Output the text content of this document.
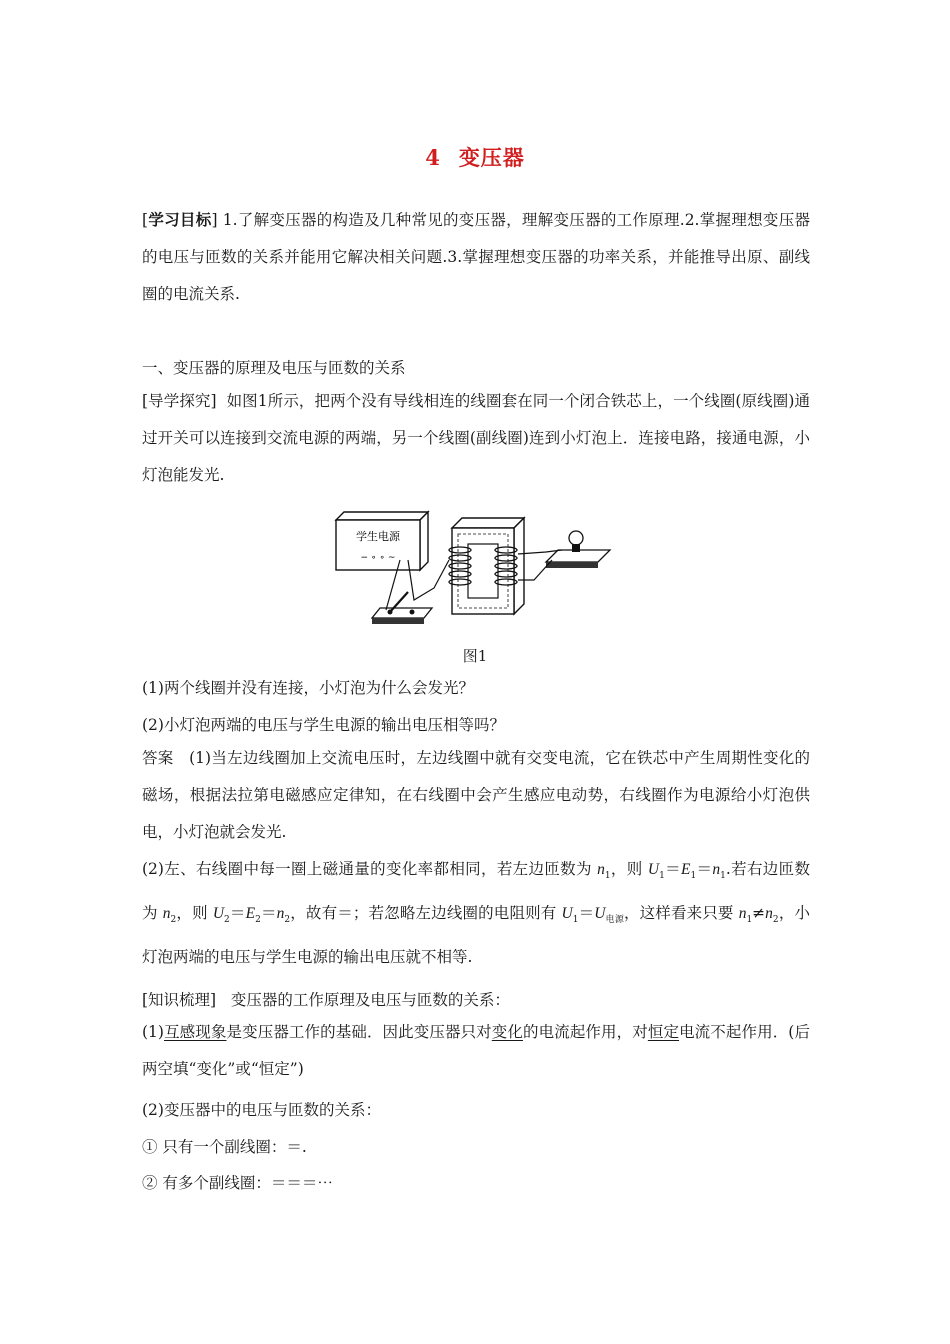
4 变压器
[学习目标] 1.了解变压器的构造及几种常见的变压器，理解变压器的工作原理.2.掌握理想变压器的电压与匝数的关系并能用它解决相关问题.3.掌握理想变压器的功率关系，并能推导出原、副线圈的电流关系.
一、变压器的原理及电压与匝数的关系
[导学探究] 如图1所示，把两个没有导线相连的线圈套在同一个闭合铁芯上，一个线圈(原线圈)通过开关可以连接到交流电源的两端，另一个线圈(副线圈)连到小灯泡上．连接电路，接通电源，小灯泡能发光.
学生电源
− ∘ ∘ ~
图1
(1)两个线圈并没有连接，小灯泡为什么会发光？
(2)小灯泡两端的电压与学生电源的输出电压相等吗？
答案 (1)当左边线圈加上交流电压时，左边线圈中就有交变电流，它在铁芯中产生周期性变化的磁场，根据法拉第电磁感应定律知，在右线圈中会产生感应电动势，右线圈作为电源给小灯泡供电，小灯泡就会发光.
(2)左、右线圈中每一圈上磁通量的变化率都相同，若左边匝数为 $n_1$，则 $U_1=E_1=n_1$.若右边匝数为 $n_2$，则 $U_2=E_2=n_2$，故有＝；若忽略左边线圈的电阻则有 $U_1=U_{电源}$，这样看来只要 $n_1\ne n_2$，小灯泡两端的电压与学生电源的输出电压就不相等.
[知识梳理] 变压器的工作原理及电压与匝数的关系：
(1)互感现象是变压器工作的基础．因此变压器只对变化的电流起作用，对恒定电流不起作用．(后两空填“变化”或“恒定”)
(2)变压器中的电压与匝数的关系：
① 只有一个副线圈：＝.
② 有多个副线圈：＝＝＝⋯
